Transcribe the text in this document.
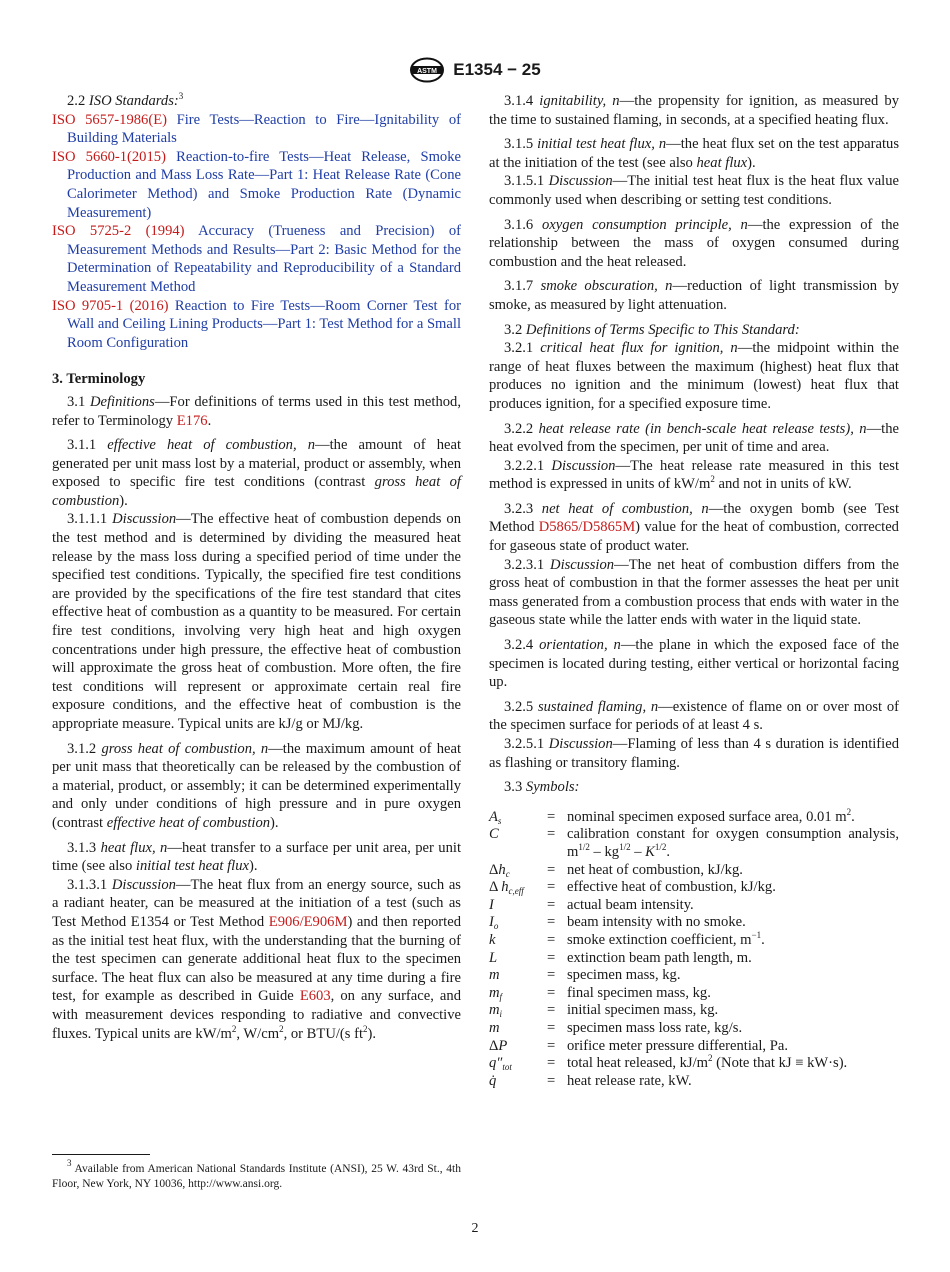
ASTM E1354 − 25

2.2 ISO Standards:$^3$

ISO 5657-1986(E) Fire Tests—Reaction to Fire—Ignitability of Building Materials

ISO 5660-1(2015) Reaction-to-fire Tests—Heat Release, Smoke Production and Mass Loss Rate—Part 1: Heat Release Rate (Cone Calorimeter Method) and Smoke Production Rate (Dynamic Measurement)

ISO 5725-2 (1994) Accuracy (Trueness and Precision) of Measurement Methods and Results—Part 2: Basic Method for the Determination of Repeatability and Reproducibility of a Standard Measurement Method

ISO 9705-1 (2016) Reaction to Fire Tests—Room Corner Test for Wall and Ceiling Lining Products—Part 1: Test Method for a Small Room Configuration

3. Terminology

3.1 Definitions—For definitions of terms used in this test method, refer to Terminology E176.

3.1.1 effective heat of combustion, n—the amount of heat generated per unit mass lost by a material, product or assembly, when exposed to specific fire test conditions (contrast gross heat of combustion).

3.1.1.1 Discussion—The effective heat of combustion depends on the test method and is determined by dividing the measured heat release by the mass loss during a specified period of time under the specified test conditions. Typically, the specified fire test conditions are provided by the specifications of the fire test standard that cites effective heat of combustion as a quantity to be measured. For certain fire test conditions, involving very high heat and high oxygen concentrations under high pressure, the effective heat of combustion will approximate the gross heat of combustion. More often, the fire test conditions will represent or approximate certain real fire exposure conditions, and the effective heat of combustion is the appropriate measure. Typical units are kJ/g or MJ/kg.

3.1.2 gross heat of combustion, n—the maximum amount of heat per unit mass that theoretically can be released by the combustion of a material, product, or assembly; it can be determined experimentally and only under conditions of high pressure and in pure oxygen (contrast effective heat of combustion).

3.1.3 heat flux, n—heat transfer to a surface per unit area, per unit time (see also initial test heat flux).

3.1.3.1 Discussion—The heat flux from an energy source, such as a radiant heater, can be measured at the initiation of a test (such as Test Method E1354 or Test Method E906/E906M) and then reported as the initial test heat flux, with the understanding that the burning of the test specimen can generate additional heat flux to the specimen surface. The heat flux can also be measured at any time during a fire test, for example as described in Guide E603, on any surface, and with measurement devices responding to radiative and convective fluxes. Typical units are $kW/m^2$, $W/cm^2$, or BTU/(s $ft^2$).

$^3$ Available from American National Standards Institute (ANSI), 25 W. 43rd St., 4th Floor, New York, NY 10036, http://www.ansi.org.

3.1.4 ignitability, n—the propensity for ignition, as measured by the time to sustained flaming, in seconds, at a specified heating flux.

3.1.5 initial test heat flux, n—the heat flux set on the test apparatus at the initiation of the test (see also heat flux).

3.1.5.1 Discussion—The initial test heat flux is the heat flux value commonly used when describing or setting test conditions.

3.1.6 oxygen consumption principle, n—the expression of the relationship between the mass of oxygen consumed during combustion and the heat released.

3.1.7 smoke obscuration, n—reduction of light transmission by smoke, as measured by light attenuation.

3.2 Definitions of Terms Specific to This Standard:

3.2.1 critical heat flux for ignition, n—the midpoint within the range of heat fluxes between the maximum (highest) heat flux that produces no ignition and the minimum (lowest) heat flux that produces ignition, for a specified exposure time.

3.2.2 heat release rate (in bench-scale heat release tests), n—the heat evolved from the specimen, per unit of time and area.

3.2.2.1 Discussion—The heat release rate measured in this test method is expressed in units of $kW/m^2$ and not in units of kW.

3.2.3 net heat of combustion, n—the oxygen bomb (see Test Method D5865/D5865M) value for the heat of combustion, corrected for gaseous state of product water.

3.2.3.1 Discussion—The net heat of combustion differs from the gross heat of combustion in that the former assesses the heat per unit mass generated from a combustion process that ends with water in the gaseous state while the latter ends with water in the liquid state.

3.2.4 orientation, n—the plane in which the exposed face of the specimen is located during testing, either vertical or horizontal facing up.

3.2.5 sustained flaming, n—existence of flame on or over most of the specimen surface for periods of at least 4 s.

3.2.5.1 Discussion—Flaming of less than 4 s duration is identified as flashing or transitory flaming.

3.3 Symbols:

$A_s$	=	nominal specimen exposed surface area, 0.01 $m^2$.
C	=	calibration constant for oxygen consumption analysis, $m^{1/2} - kg^{1/2} - K^{1/2}$.
$\Delta h_c$	=	net heat of combustion, kJ/kg.
Δ $h_{c,eff}$	=	effective heat of combustion, kJ/kg.
I	=	actual beam intensity.
$I_o$	=	beam intensity with no smoke.
k	=	smoke extinction coefficient, $m^{-1}$.
L	=	extinction beam path length, m.
m	=	specimen mass, kg.
$m_f$	=	final specimen mass, kg.
$m_i$	=	initial specimen mass, kg.
m	=	specimen mass loss rate, kg/s.
ΔP	=	orifice meter pressure differential, Pa.
$q''_{tot}$	=	total heat released, $kJ/m^2$ (Note that kJ ≡ kW·s).
q̇	=	heat release rate, kW.
2
